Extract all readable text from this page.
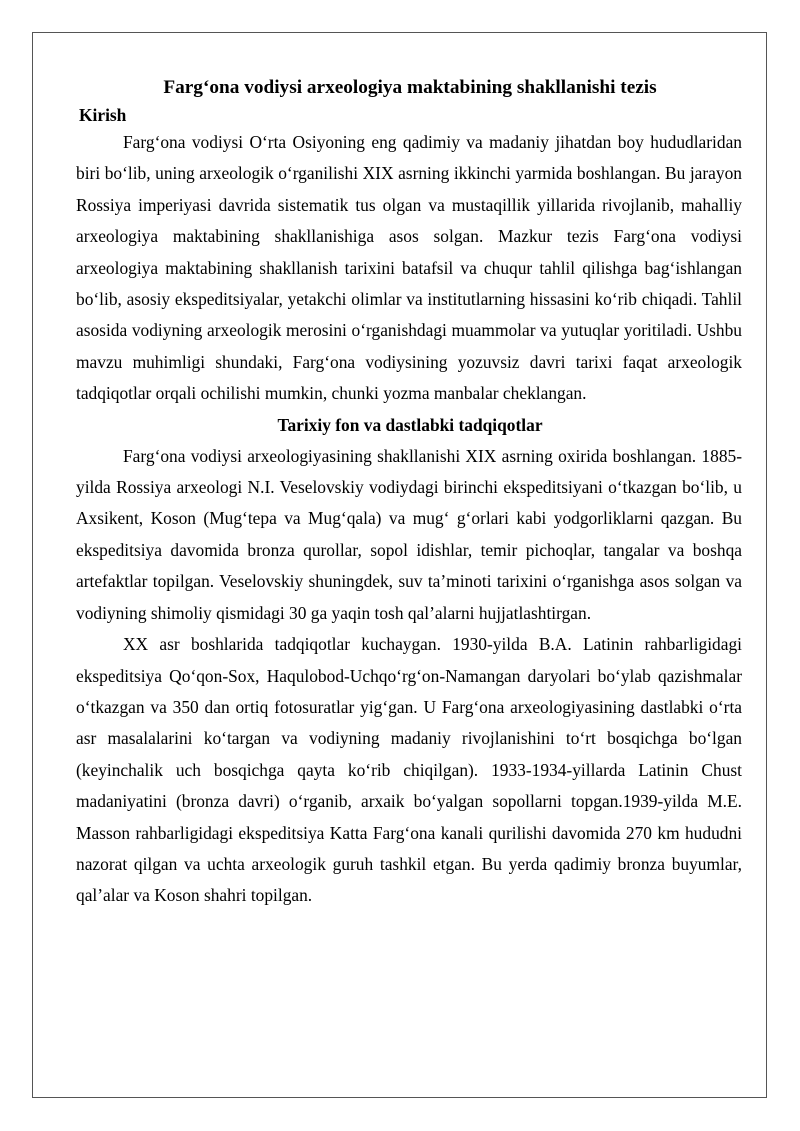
Farg‘ona vodiysi arxeologiya maktabining shakllanishi tezis
Kirish

Farg‘ona vodiysi O‘rta Osiyoning eng qadimiy va madaniy jihatdan boy hududlaridan biri bo‘lib, uning arxeologik o‘rganilishi XIX asrning ikkinchi yarmida boshlangan. Bu jarayon Rossiya imperiyasi davrida sistematik tus olgan va mustaqillik yillarida rivojlanib, mahalliy arxeologiya maktabining shakllanishiga asos solgan. Mazkur tezis Farg‘ona vodiysi arxeologiya maktabining shakllanish tarixini batafsil va chuqur tahlil qilishga bag‘ishlangan bo‘lib, asosiy ekspeditsiyalar, yetakchi olimlar va institutlarning hissasini ko‘rib chiqadi. Tahlil asosida vodiyning arxeologik merosini o‘rganishdagi muammolar va yutuqlar yoritiladi. Ushbu mavzu muhimligi shundaki, Farg‘ona vodiysining yozuvsiz davri tarixi faqat arxeologik tadqiqotlar orqali ochilishi mumkin, chunki yozma manbalar cheklangan.

Tarixiy fon va dastlabki tadqiqotlar

Farg‘ona vodiysi arxeologiyasining shakllanishi XIX asrning oxirida boshlangan. 1885-yilda Rossiya arxeologi N.I. Veselovskiy vodiydagi birinchi ekspeditsiyani o‘tkazgan bo‘lib, u Axsikent, Koson (Mug‘tepa va Mug‘qala) va mug‘ g‘orlari kabi yodgorliklarni qazgan. Bu ekspeditsiya davomida bronza qurollar, sopol idishlar, temir pichoqlar, tangalar va boshqa artefaktlar topilgan. Veselovskiy shuningdek, suv ta’minoti tarixini o‘rganishga asos solgan va vodiyning shimoliy qismidagi 30 ga yaqin tosh qal’alarni hujjatlashtirgan.

XX asr boshlarida tadqiqotlar kuchaygan. 1930-yilda B.A. Latinin rahbarligidagi ekspeditsiya Qo‘qon-Sox, Haqulobod-Uchqo‘rg‘on-Namangan daryolari bo‘ylab qazishmalar o‘tkazgan va 350 dan ortiq fotosuratlar yig‘gan. U Farg‘ona arxeologiyasining dastlabki o‘rta asr masalalarini ko‘targan va vodiyning madaniy rivojlanishini to‘rt bosqichga bo‘lgan (keyinchalik uch bosqichga qayta ko‘rib chiqilgan). 1933-1934-yillarda Latinin Chust madaniyatini (bronza davri) o‘rganib, arxaik bo‘yalgan sopollarni topgan.1939-yilda M.E. Masson rahbarligidagi ekspeditsiya Katta Farg‘ona kanali qurilishi davomida 270 km hududni nazorat qilgan va uchta arxeologik guruh tashkil etgan. Bu yerda qadimiy bronza buyumlar, qal’alar va Koson shahri topilgan.
